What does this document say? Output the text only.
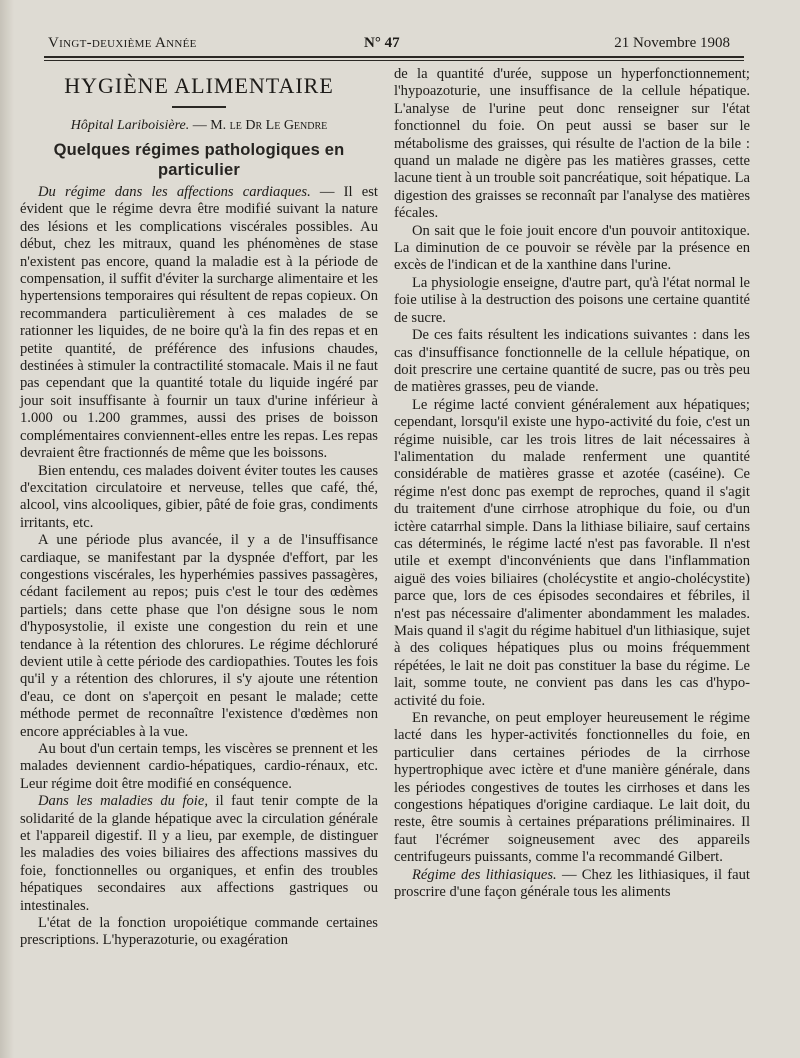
Vingt-deuxième Année	N° 47	21 Novembre 1908
HYGIÈNE ALIMENTAIRE

Hôpital Lariboisière. — M. le Dr Le Gendre

Quelques régimes pathologiques en particulier

Du régime dans les affections cardiaques. — Il est évident que le régime devra être modifié suivant la nature des lésions et les complications viscérales possibles. Au début, chez les mitraux, quand les phénomènes de stase n'existent pas encore, quand la maladie est à la période de compensation, il suffit d'éviter la surcharge alimentaire et les hypertensions temporaires qui résultent de repas copieux. On recommandera particulièrement à ces malades de se rationner les liquides, de ne boire qu'à la fin des repas et en petite quantité, de préférence des infusions chaudes, destinées à stimuler la contractilité stomacale. Mais il ne faut pas cependant que la quantité totale du liquide ingéré par jour soit insuffisante à fournir un taux d'urine inférieur à 1.000 ou 1.200 grammes, aussi des prises de boisson complémentaires conviennent-elles entre les repas. Les repas devraient être fractionnés de même que les boissons.

Bien entendu, ces malades doivent éviter toutes les causes d'excitation circulatoire et nerveuse, telles que café, thé, alcool, vins alcooliques, gibier, pâté de foie gras, condiments irritants, etc.

A une période plus avancée, il y a de l'insuffisance cardiaque, se manifestant par la dyspnée d'effort, par les congestions viscérales, les hyperhémies passives passagères, cédant facilement au repos; puis c'est le tour des œdèmes partiels; dans cette phase que l'on désigne sous le nom d'hyposystolie, il existe une congestion du rein et une tendance à la rétention des chlorures. Le régime déchloruré devient utile à cette période des cardiopathies. Toutes les fois qu'il y a rétention des chlorures, il s'y ajoute une rétention d'eau, ce dont on s'aperçoit en pesant le malade; cette méthode permet de reconnaître l'existence d'œdèmes non encore appréciables à la vue.

Au bout d'un certain temps, les viscères se prennent et les malades deviennent cardio-hépatiques, cardio-rénaux, etc. Leur régime doit être modifié en conséquence.

Dans les maladies du foie, il faut tenir compte de la solidarité de la glande hépatique avec la circulation générale et l'appareil digestif. Il y a lieu, par exemple, de distinguer les maladies des voies biliaires des affections massives du foie, fonctionnelles ou organiques, et enfin des troubles hépatiques secondaires aux affections gastriques ou intestinales.

L'état de la fonction uropoiétique commande certaines prescriptions. L'hyperazoturie, ou exagération

de la quantité d'urée, suppose un hyperfonctionnement; l'hypoazoturie, une insuffisance de la cellule hépatique. L'analyse de l'urine peut donc renseigner sur l'état fonctionnel du foie. On peut aussi se baser sur le métabolisme des graisses, qui résulte de l'action de la bile : quand un malade ne digère pas les matières grasses, cette lacune tient à un trouble soit pancréatique, soit hépatique. La digestion des graisses se reconnaît par l'analyse des matières fécales.

On sait que le foie jouit encore d'un pouvoir antitoxique. La diminution de ce pouvoir se révèle par la présence en excès de l'indican et de la xanthine dans l'urine.

La physiologie enseigne, d'autre part, qu'à l'état normal le foie utilise à la destruction des poisons une certaine quantité de sucre.

De ces faits résultent les indications suivantes : dans les cas d'insuffisance fonctionnelle de la cellule hépatique, on doit prescrire une certaine quantité de sucre, pas ou très peu de matières grasses, peu de viande.

Le régime lacté convient généralement aux hépatiques; cependant, lorsqu'il existe une hypo-activité du foie, c'est un régime nuisible, car les trois litres de lait nécessaires à l'alimentation du malade renferment une quantité considérable de matières grasse et azotée (caséine). Ce régime n'est donc pas exempt de reproches, quand il s'agit du traitement d'une cirrhose atrophique du foie, ou d'un ictère catarrhal simple. Dans la lithiase biliaire, sauf certains cas déterminés, le régime lacté n'est pas favorable. Il n'est utile et exempt d'inconvénients que dans l'inflammation aiguë des voies biliaires (cholécystite et angio-cholécystite) parce que, lors de ces épisodes secondaires et fébriles, il n'est pas nécessaire d'alimenter abondamment les malades. Mais quand il s'agit du régime habituel d'un lithiasique, sujet à des coliques hépatiques plus ou moins fréquemment répétées, le lait ne doit pas constituer la base du régime. Le lait, somme toute, ne convient pas dans les cas d'hypo-activité du foie.

En revanche, on peut employer heureusement le régime lacté dans les hyper-activités fonctionnelles du foie, en particulier dans certaines périodes de la cirrhose hypertrophique avec ictère et d'une manière générale, dans les périodes congestives de toutes les cirrhoses et dans les congestions hépatiques d'origine cardiaque. Le lait doit, du reste, être soumis à certaines préparations préliminaires. Il faut l'écrémer soigneusement avec des appareils centrifugeurs puissants, comme l'a recommandé Gilbert.

Régime des lithiasiques. — Chez les lithiasiques, il faut proscrire d'une façon générale tous les aliments
